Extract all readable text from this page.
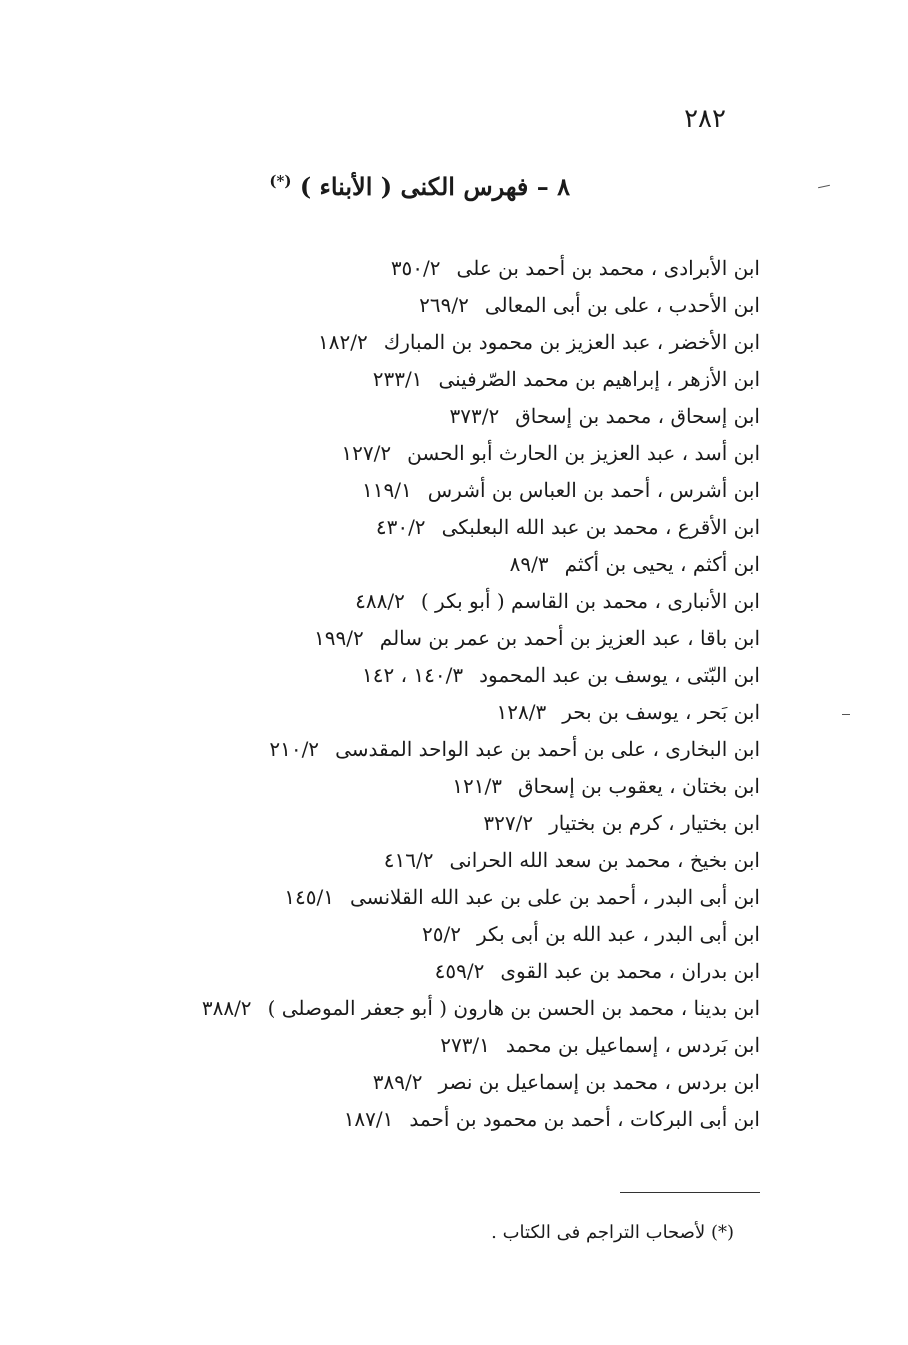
٢٨٢
٨ – فهرس الكنى ( الأبناء ) (*)
ابن الأبرادى ، محمد بن أحمد بن على٣٥٠/٢
ابن الأحدب ، على بن أبى المعالى٢٦٩/٢
ابن الأخضر ، عبد العزيز بن محمود بن المبارك١٨٢/٢
ابن الأزهر ، إبراهيم بن محمد الصّرفينى٢٣٣/١
ابن إسحاق ، محمد بن إسحاق٣٧٣/٢
ابن أسد ، عبد العزيز بن الحارث أبو الحسن١٢٧/٢
ابن أشرس ، أحمد بن العباس بن أشرس١١٩/١
ابن الأقرع ، محمد بن عبد الله البعلبكى٤٣٠/٢
ابن أكثم ، يحيى بن أكثم٨٩/٣
ابن الأنبارى ، محمد بن القاسم ( أبو بكر )٤٨٨/٢
ابن باقا ، عبد العزيز بن أحمد بن عمر بن سالم١٩٩/٢
ابن البّتى ، يوسف بن عبد المحمود١٤٠/٣ ، ١٤٢
ابن بَحر ، يوسف بن بحر١٢٨/٣
ابن البخارى ، على بن أحمد بن عبد الواحد المقدسى٢١٠/٢
ابن بختان ، يعقوب بن إسحاق١٢١/٣
ابن بختيار ، كرم بن بختيار٣٢٧/٢
ابن بخيخ ، محمد بن سعد الله الحرانى٤١٦/٢
ابن أبى البدر ، أحمد بن على بن عبد الله القلانسى١٤٥/١
ابن أبى البدر ، عبد الله بن أبى بكر٢٥/٢
ابن بدران ، محمد بن عبد القوى٤٥٩/٢
ابن بدينا ، محمد بن الحسن بن هارون ( أبو جعفر الموصلى )٣٨٨/٢
ابن بَردس ، إسماعيل بن محمد٢٧٣/١
ابن بردس ، محمد بن إسماعيل بن نصر٣٨٩/٢
ابن أبى البركات ، أحمد بن محمود بن أحمد١٨٧/١
(*) لأصحاب التراجم فى الكتاب .
